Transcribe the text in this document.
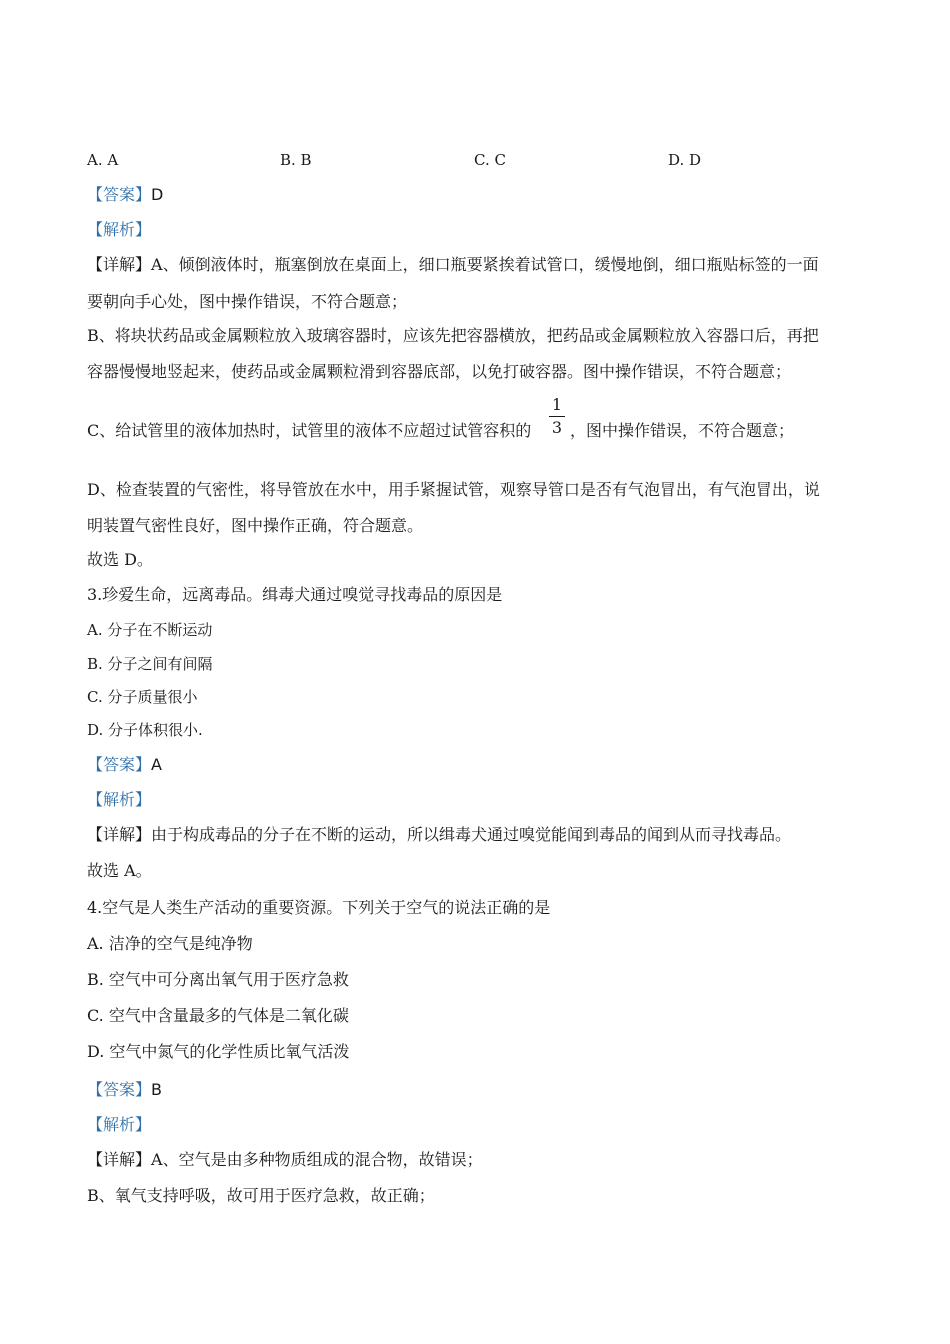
A. A	B. B	C. C	D. D
【答案】D
【解析】
【详解】A、倾倒液体时，瓶塞倒放在桌面上，细口瓶要紧挨着试管口，缓慢地倒，细口瓶贴标签的一面
要朝向手心处，图中操作错误，不符合题意；
B、将块状药品或金属颗粒放入玻璃容器时，应该先把容器横放，把药品或金属颗粒放入容器口后，再把
容器慢慢地竖起来，使药品或金属颗粒滑到容器底部，以免打破容器。图中操作错误，不符合题意；
C、给试管里的液体加热时，试管里的液体不应超过试管容积的
1
3 ，图中操作错误，不符合题意；
D、检查装置的气密性，将导管放在水中，用手紧握试管，观察导管口是否有气泡冒出，有气泡冒出，说
明装置气密性良好，图中操作正确，符合题意。
故选 D。
3.珍爱生命，远离毒品。缉毒犬通过嗅觉寻找毒品的原因是
A. 分子在不断运动
B. 分子之间有间隔
C. 分子质量很小
D. 分子体积很小.
【答案】A
【解析】
【详解】由于构成毒品的分子在不断的运动，所以缉毒犬通过嗅觉能闻到毒品的闻到从而寻找毒品。
故选 A。
4.空气是人类生产活动的重要资源。下列关于空气的说法正确的是
A. 洁净的空气是纯净物
B. 空气中可分离出氧气用于医疗急救
C. 空气中含量最多的气体是二氧化碳
D. 空气中氮气的化学性质比氧气活泼
【答案】B
【解析】
【详解】A、空气是由多种物质组成的混合物，故错误；
B、氧气支持呼吸，故可用于医疗急救，故正确；
